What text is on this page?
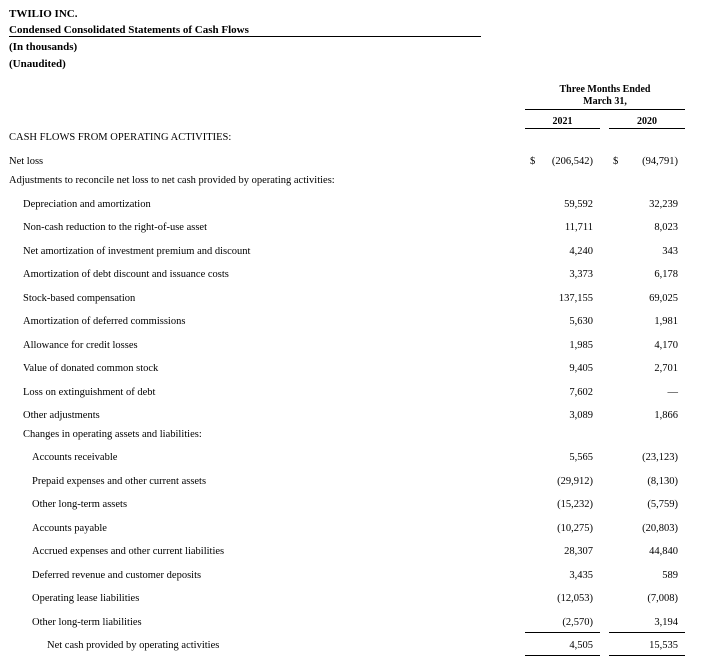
TWILIO INC.
Condensed Consolidated Statements of Cash Flows
(In thousands)
(Unaudited)
Three Months Ended
March 31,
2021	2020
CASH FLOWS FROM OPERATING ACTIVITIES:
Net loss	$ (206,542) $ (94,791)
Adjustments to reconcile net loss to net cash provided by operating activities:
Depreciation and amortization	59,592	32,239
Non-cash reduction to the right-of-use asset	11,711	8,023
Net amortization of investment premium and discount	4,240	343
Amortization of debt discount and issuance costs	3,373	6,178
Stock-based compensation	137,155	69,025
Amortization of deferred commissions	5,630	1,981
Allowance for credit losses	1,985	4,170
Value of donated common stock	9,405	2,701
Loss on extinguishment of debt	7,602	—
Other adjustments	3,089	1,866
Changes in operating assets and liabilities:
Accounts receivable	5,565	(23,123)
Prepaid expenses and other current assets	(29,912)	(8,130)
Other long-term assets	(15,232)	(5,759)
Accounts payable	(10,275)	(20,803)
Accrued expenses and other current liabilities	28,307	44,840
Deferred revenue and customer deposits	3,435	589
Operating lease liabilities	(12,053)	(7,008)
Other long-term liabilities	(2,570)	3,194
Net cash provided by operating activities	4,505	15,535
